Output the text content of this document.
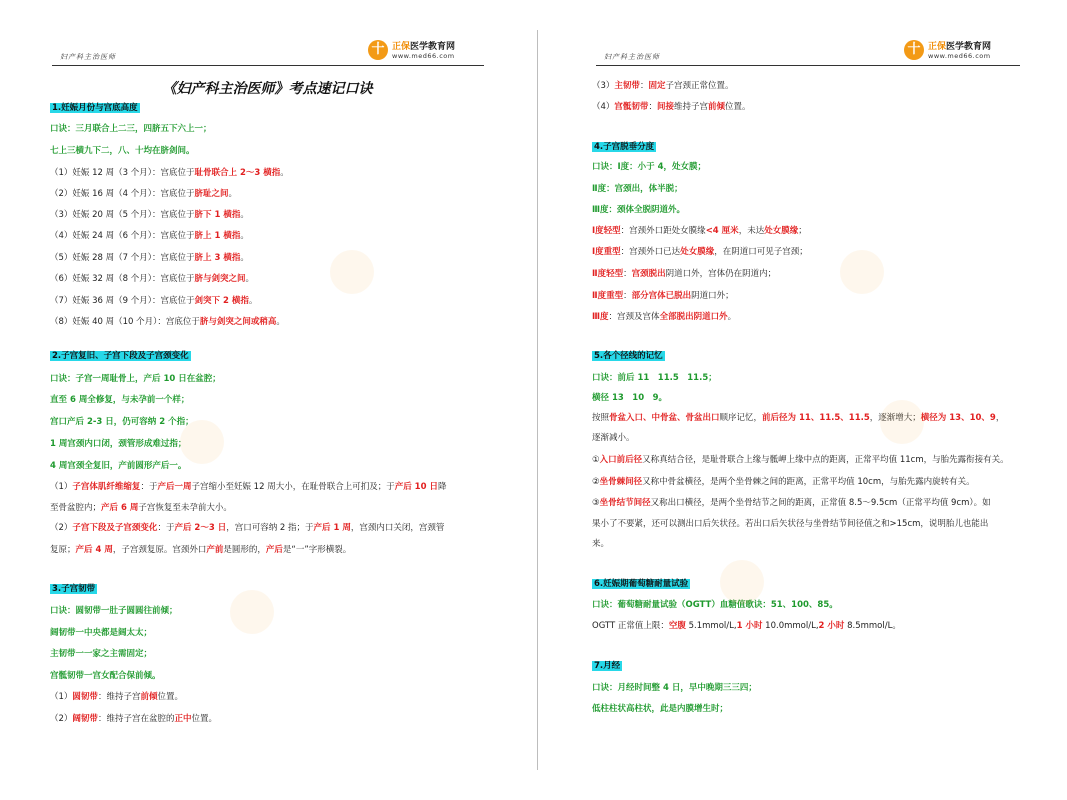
妇产科主治医师	十 正保医学教育网
www.med66.com
《妇产科主治医师》考点速记口诀
1.妊娠月份与宫底高度
口诀：三月联合上二三，四脐五下六上一；
七上三横九下二，八、十均在脐剑间。
（1）妊娠 12 周（3 个月）：宫底位于耻骨联合上 2～3 横指。
（2）妊娠 16 周（4 个月）：宫底位于脐耻之间。
（3）妊娠 20 周（5 个月）：宫底位于脐下 1 横指。
（4）妊娠 24 周（6 个月）：宫底位于脐上 1 横指。
（5）妊娠 28 周（7 个月）：宫底位于脐上 3 横指。
（6）妊娠 32 周（8 个月）：宫底位于脐与剑突之间。
（7）妊娠 36 周（9 个月）：宫底位于剑突下 2 横指。
（8）妊娠 40 周（10 个月）：宫底位于脐与剑突之间或稍高。
2.子宫复旧、子宫下段及子宫颈变化
口诀：子宫一周耻骨上，产后 10 日在盆腔；
直至 6 周全修复，与未孕前一个样；
宫口产后 2-3 日，仍可容纳 2 个指；
1 周宫颈内口闭，颈管形成难过指；
4 周宫颈全复旧，产前圆形产后一。
（1）子宫体肌纤维缩复：于产后一周子宫缩小至妊娠 12 周大小，在耻骨联合上可扪及；于产后 10 日降
至骨盆腔内；产后 6 周子宫恢复至未孕前大小。
（2）子宫下段及子宫颈变化：于产后 2～3 日，宫口可容纳 2 指；于产后 1 周，宫颈内口关闭，宫颈管
复原；产后 4 周，子宫颈复原。宫颈外口产前是圆形的，产后是“一”字形横裂。
3.子宫韧带
口诀：圆韧带一肚子圆圆往前倾；
阔韧带一中央都是阔太太；
主韧带一一家之主需固定；
宫骶韧带一宫女配合保前倾。
（1）圆韧带：维持子宫前倾位置。
（2）阔韧带：维持子宫在盆腔的正中位置。
妇产科主治医师	十 正保医学教育网
www.med66.com
（3）主韧带：固定子宫颈正常位置。
（4）宫骶韧带：间接维持子宫前倾位置。
4.子宫脱垂分度
口诀：Ⅰ度：小于 4，处女膜；
Ⅱ度：宫颈出，体半脱；
Ⅲ度：颈体全脱阴道外。
Ⅰ度轻型：宫颈外口距处女膜缘<4 厘米，未达处女膜缘；
Ⅰ度重型：宫颈外口已达处女膜缘，在阴道口可见子宫颈；
Ⅱ度轻型：宫颈脱出阴道口外，宫体仍在阴道内；
Ⅱ度重型：部分宫体已脱出阴道口外；
Ⅲ度：宫颈及宫体全部脱出阴道口外。
5.各个径线的记忆
口诀：前后 11　11.5　11.5；
横径 13　10　9。
按照骨盆入口、中骨盆、骨盆出口顺序记忆，前后径为 11、11.5、11.5，逐渐增大；横径为 13、10、9，
逐渐减小。
①入口前后径又称真结合径，是耻骨联合上缘与骶岬上缘中点的距离，正常平均值 11cm，与胎先露衔接有关。
②坐骨棘间径又称中骨盆横径，是两个坐骨棘之间的距离，正常平均值 10cm，与胎先露内旋转有关。
③坐骨结节间径又称出口横径，是两个坐骨结节之间的距离，正常值 8.5～9.5cm（正常平均值 9cm）。如
果小了不要紧，还可以测出口后矢状径。若出口后矢状径与坐骨结节间径值之和>15cm，说明胎儿也能出
来。
6.妊娠期葡萄糖耐量试验
口诀：葡萄糖耐量试验（OGTT）血糖值歌诀：51、100、85。
OGTT 正常值上限：空腹 5.1mmol/L,1 小时 10.0mmol/L,2 小时 8.5mmol/L。
7.月经
口诀：月经时间整 4 日，早中晚期三三四；
低柱柱状高柱状，此是内膜增生时；
